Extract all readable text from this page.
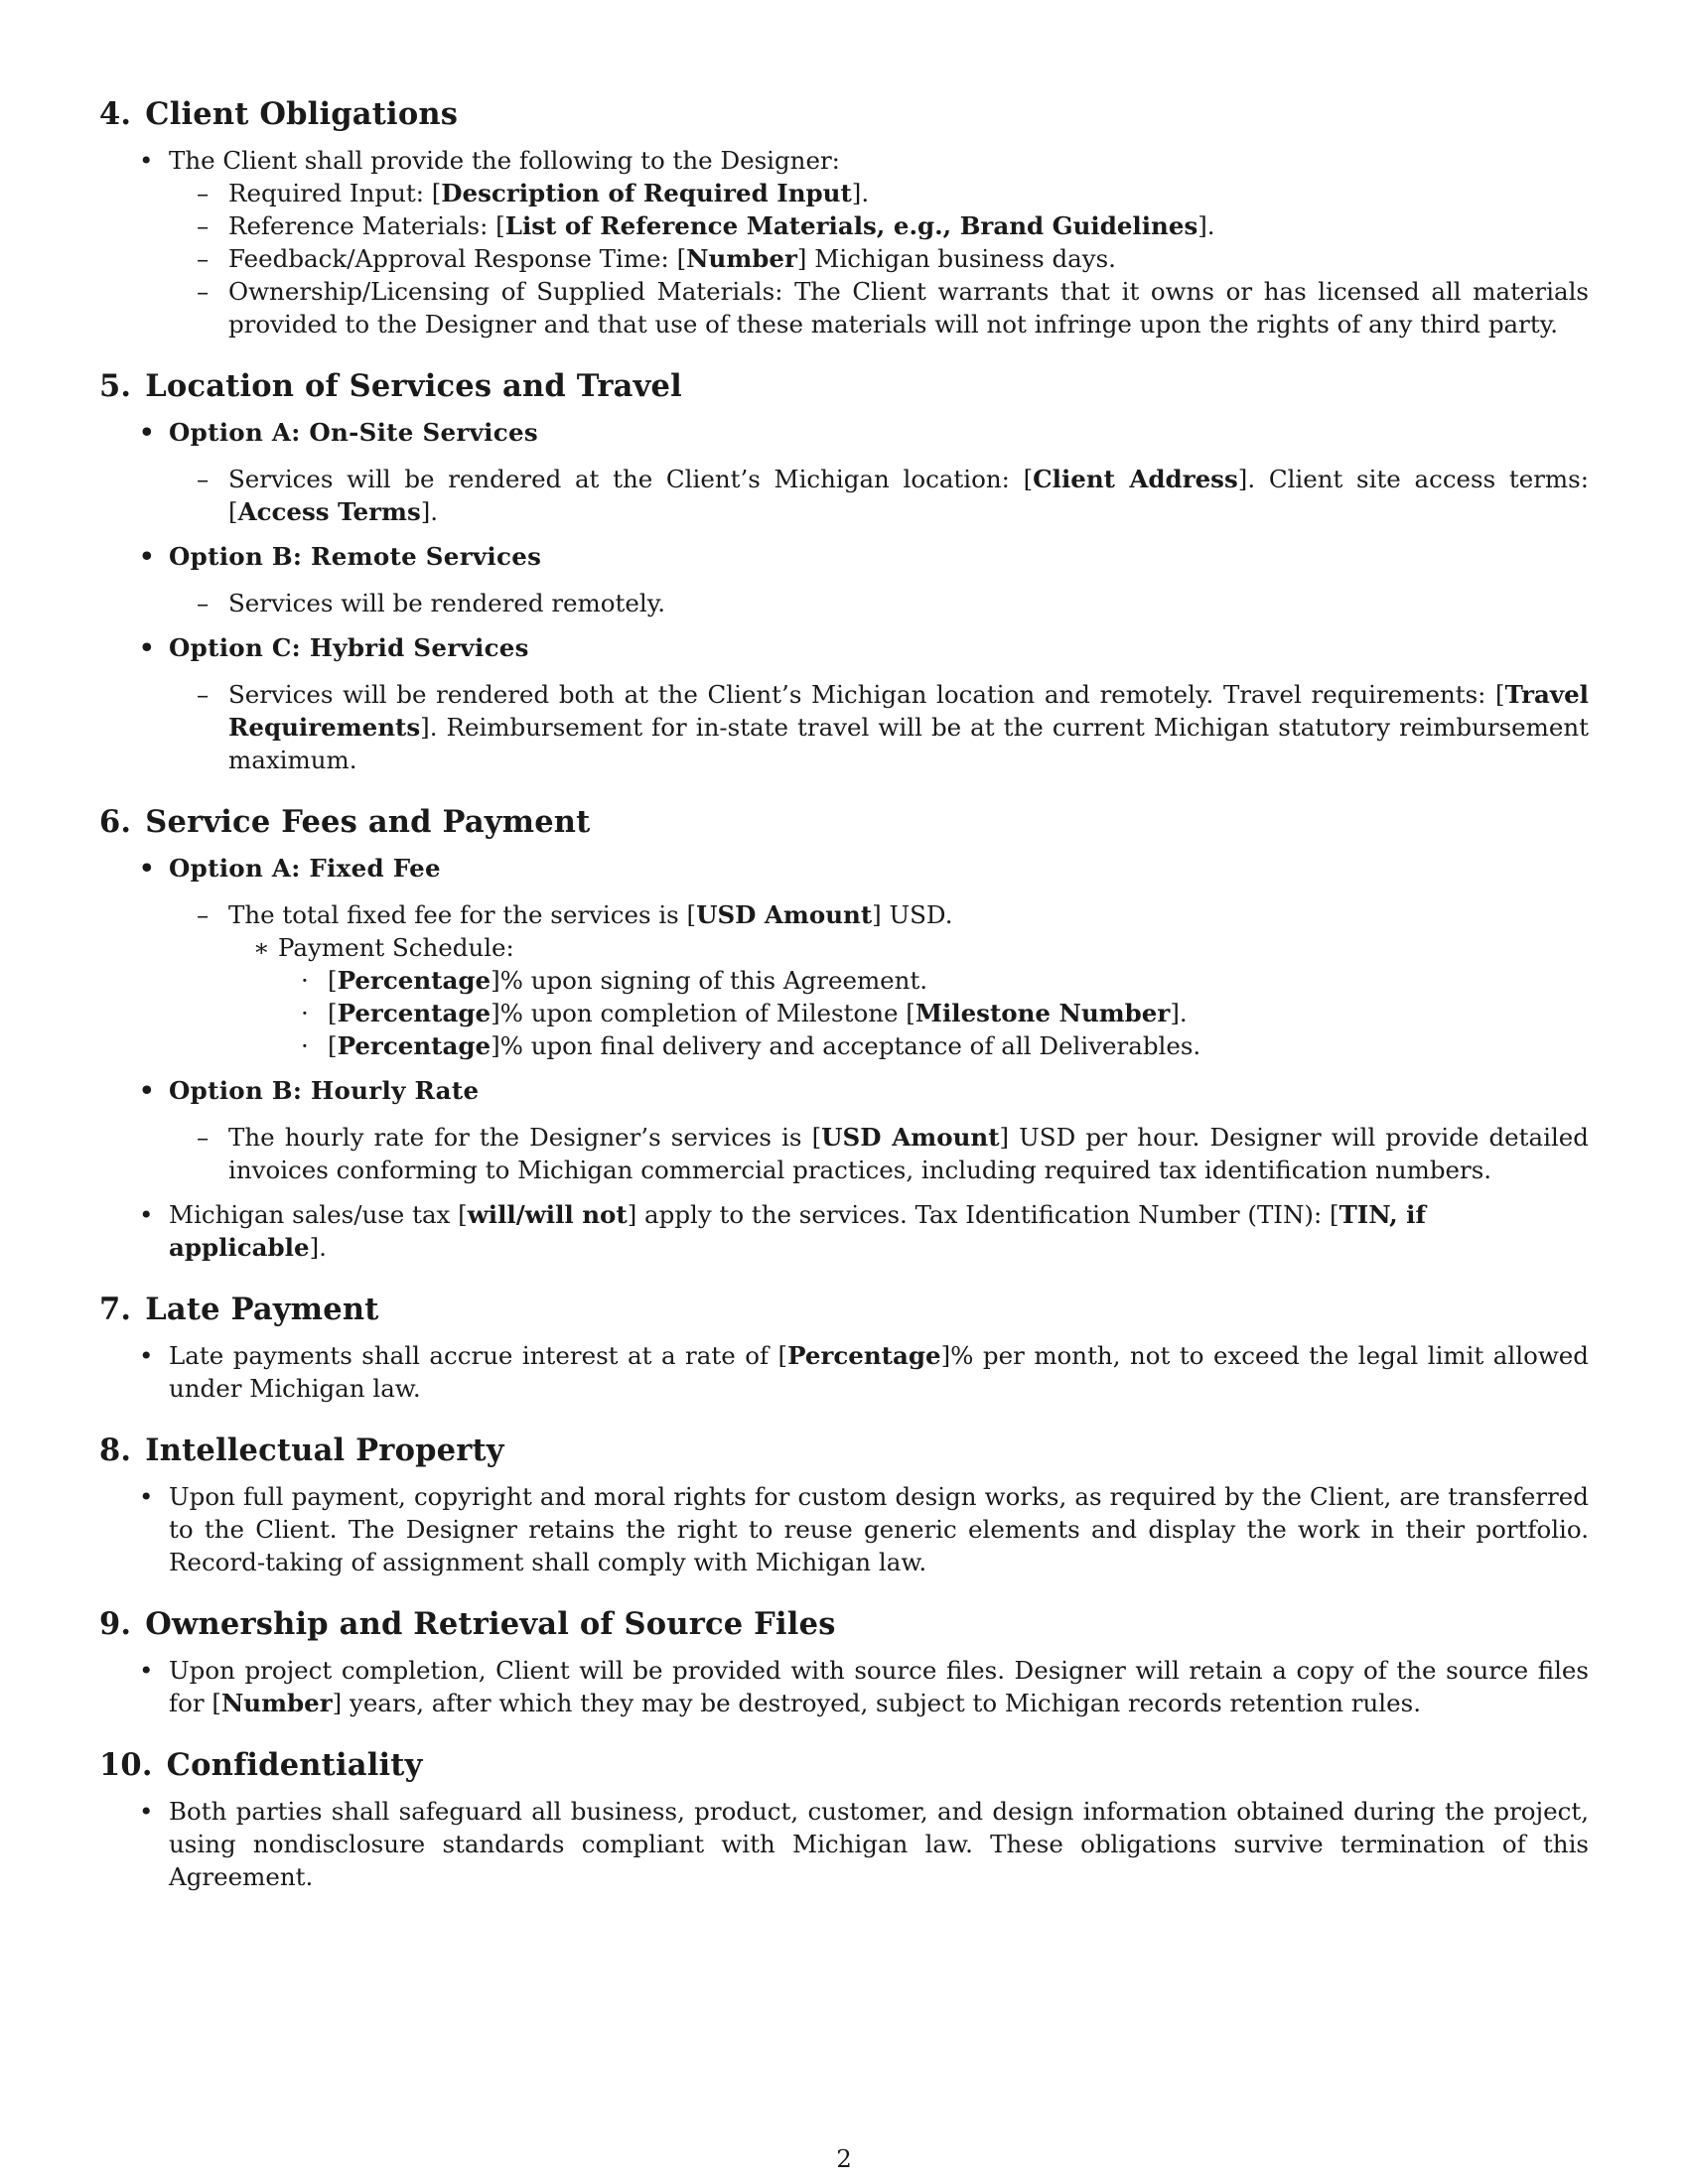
4. Client Obligations
• The Client shall provide the following to the Designer:
– Required Input: [Description of Required Input].
– Reference Materials: [List of Reference Materials, e.g., Brand Guidelines].
– Feedback/Approval Response Time: [Number] Michigan business days.
– Ownership/Licensing of Supplied Materials: The Client warrants that it owns or has licensed all materials provided to the Designer and that use of these materials will not infringe upon the rights of any third party.
5. Location of Services and Travel
• Option A: On-Site Services
– Services will be rendered at the Client’s Michigan location: [Client Address]. Client site access terms: [Access Terms].
• Option B: Remote Services
– Services will be rendered remotely.
• Option C: Hybrid Services
– Services will be rendered both at the Client’s Michigan location and remotely. Travel requirements: [Travel Requirements]. Reimbursement for in-state travel will be at the current Michigan statutory reimbursement maximum.
6. Service Fees and Payment
• Option A: Fixed Fee
– The total fixed fee for the services is [USD Amount] USD.
∗ Payment Schedule:
· [Percentage]% upon signing of this Agreement.
· [Percentage]% upon completion of Milestone [Milestone Number].
· [Percentage]% upon final delivery and acceptance of all Deliverables.
• Option B: Hourly Rate
– The hourly rate for the Designer’s services is [USD Amount] USD per hour. Designer will provide detailed invoices conforming to Michigan commercial practices, including required tax identification numbers.
• Michigan sales/use tax [will/will not] apply to the services. Tax Identification Number (TIN): [TIN, if applicable].
7. Late Payment
• Late payments shall accrue interest at a rate of [Percentage]% per month, not to exceed the legal limit allowed under Michigan law.
8. Intellectual Property
• Upon full payment, copyright and moral rights for custom design works, as required by the Client, are transferred to the Client. The Designer retains the right to reuse generic elements and display the work in their portfolio. Record-taking of assignment shall comply with Michigan law.
9. Ownership and Retrieval of Source Files
• Upon project completion, Client will be provided with source files. Designer will retain a copy of the source files for [Number] years, after which they may be destroyed, subject to Michigan records retention rules.
10. Confidentiality
• Both parties shall safeguard all business, product, customer, and design information obtained during the project, using nondisclosure standards compliant with Michigan law. These obligations survive termination of this Agreement.
2
